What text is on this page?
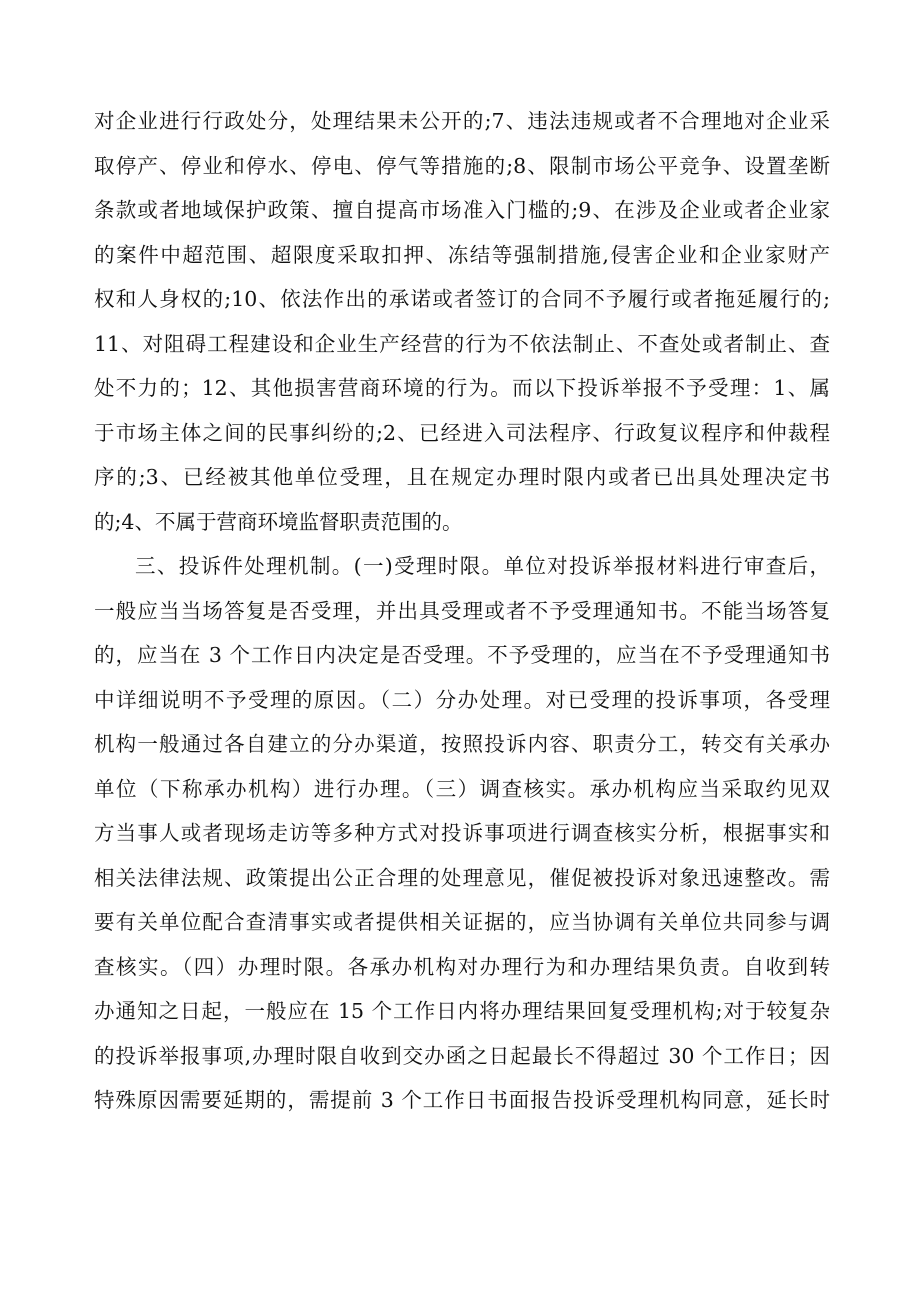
对企业进行行政处分，处理结果未公开的;7、违法违规或者不合理地对企业采
取停产、停业和停水、停电、停气等措施的;8、限制市场公平竞争、设置垄断
条款或者地域保护政策、擅自提高市场准入门槛的;9、在涉及企业或者企业家
的案件中超范围、超限度采取扣押、冻结等强制措施,侵害企业和企业家财产
权和人身权的;10、依法作出的承诺或者签订的合同不予履行或者拖延履行的;
11、对阻碍工程建设和企业生产经营的行为不依法制止、不查处或者制止、查
处不力的；12、其他损害营商环境的行为。而以下投诉举报不予受理：1、属
于市场主体之间的民事纠纷的;2、已经进入司法程序、行政复议程序和仲裁程
序的;3、已经被其他单位受理，且在规定办理时限内或者已出具处理决定书
的;4、不属于营商环境监督职责范围的。
三、投诉件处理机制。(一)受理时限。单位对投诉举报材料进行审查后，
一般应当当场答复是否受理，并出具受理或者不予受理通知书。不能当场答复
的，应当在 3 个工作日内决定是否受理。不予受理的，应当在不予受理通知书
中详细说明不予受理的原因。（二）分办处理。对已受理的投诉事项，各受理
机构一般通过各自建立的分办渠道，按照投诉内容、职责分工，转交有关承办
单位（下称承办机构）进行办理。（三）调查核实。承办机构应当采取约见双
方当事人或者现场走访等多种方式对投诉事项进行调查核实分析，根据事实和
相关法律法规、政策提出公正合理的处理意见，催促被投诉对象迅速整改。需
要有关单位配合查清事实或者提供相关证据的，应当协调有关单位共同参与调
查核实。（四）办理时限。各承办机构对办理行为和办理结果负责。自收到转
办通知之日起，一般应在 15 个工作日内将办理结果回复受理机构;对于较复杂
的投诉举报事项,办理时限自收到交办函之日起最长不得超过 30 个工作日；因
特殊原因需要延期的，需提前 3 个工作日书面报告投诉受理机构同意，延长时
